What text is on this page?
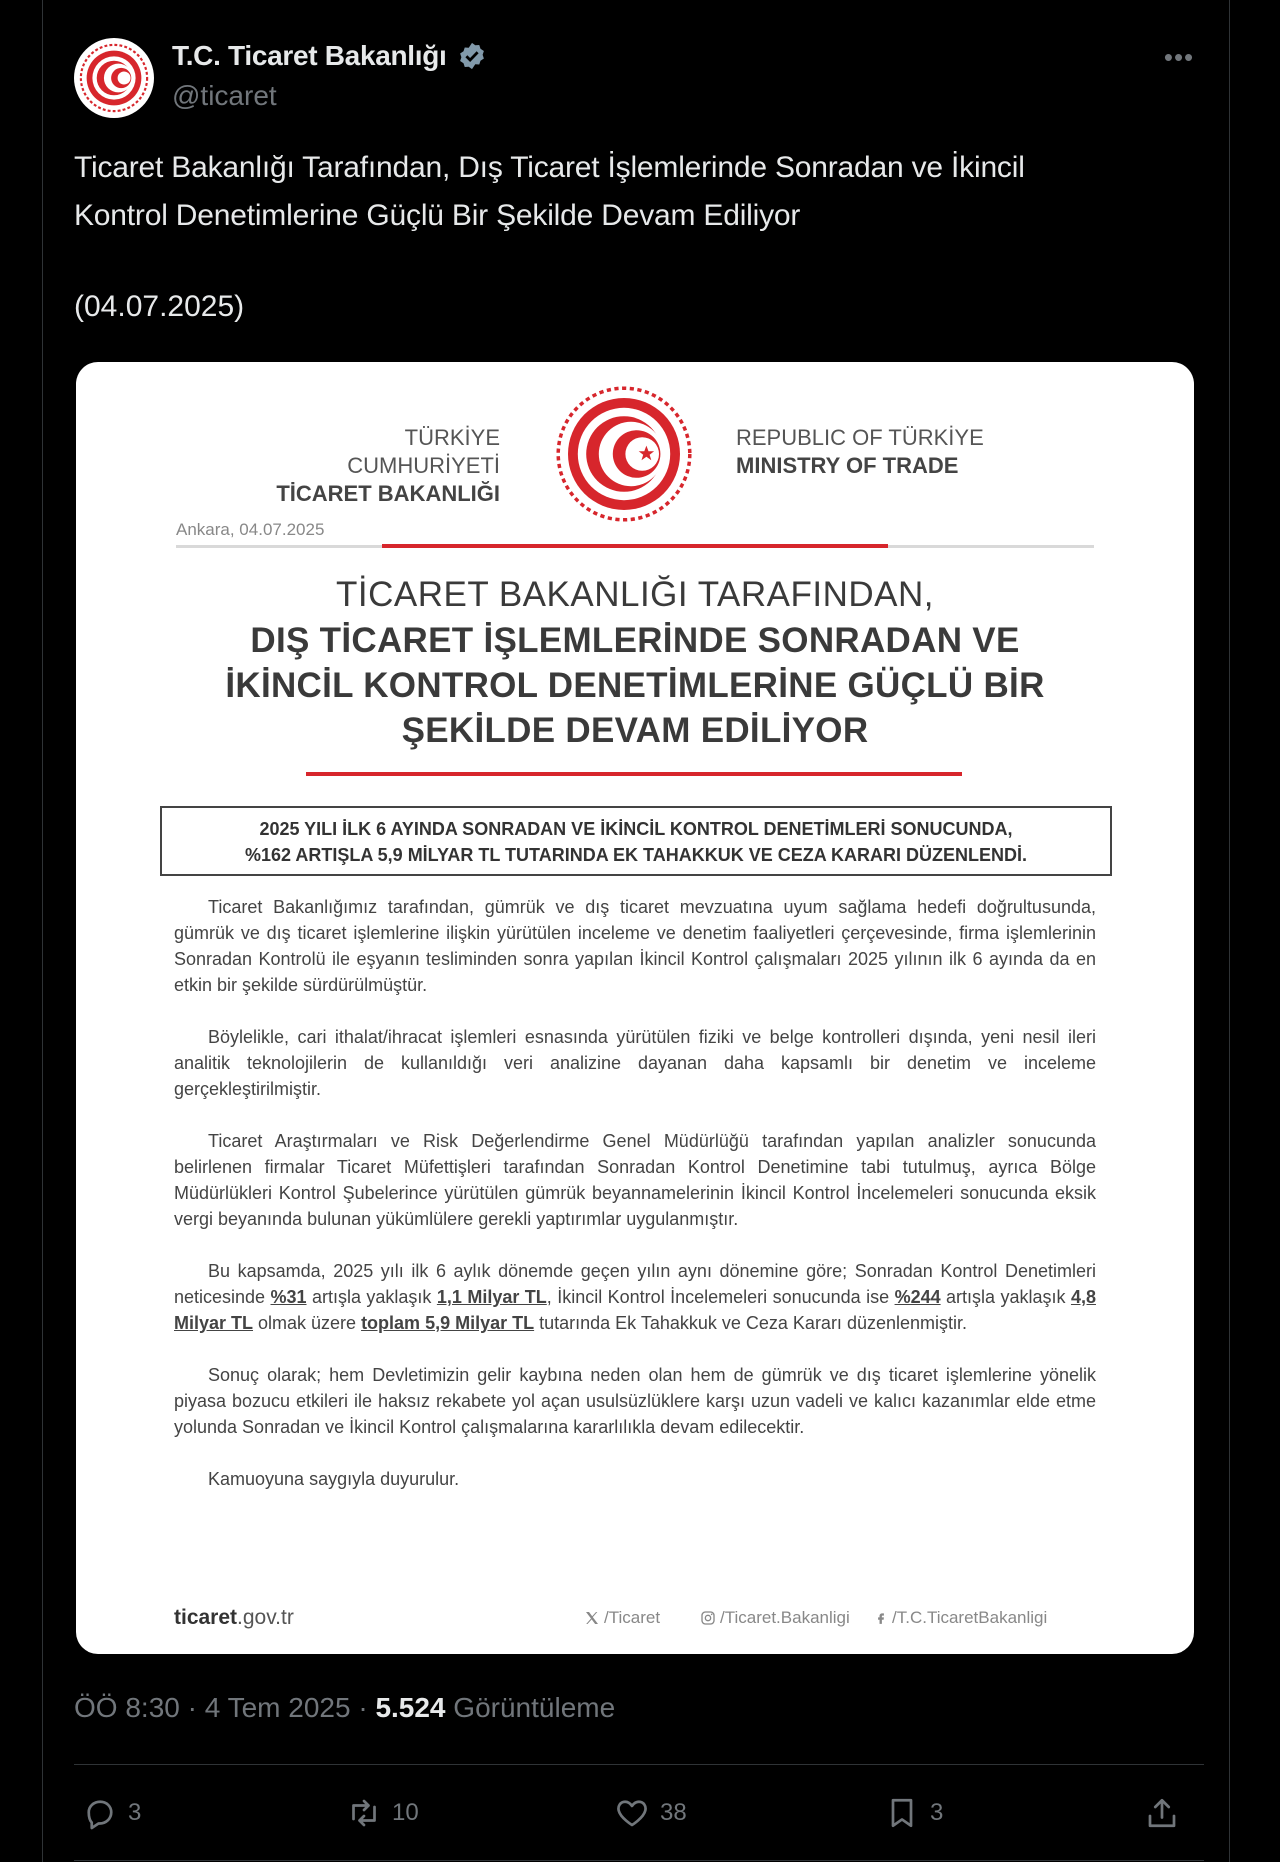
T.C. Ticaret Bakanlığı
@ticaret
•••

Ticaret Bakanlığı Tarafından, Dış Ticaret İşlemlerinde Sonradan ve İkincil

Kontrol Denetimlerine Güçlü Bir Şekilde Devam Ediliyor

(04.07.2025)
TÜRKİYE CUMHURİYETİ
TİCARET BAKANLIĞI
REPUBLIC OF TÜRKİYE
MINISTRY OF TRADE
Ankara, 04.07.2025
TİCARET BAKANLIĞI TARAFINDAN,
DIŞ TİCARET İŞLEMLERİNDE SONRADAN VE
İKİNCİL KONTROL DENETİMLERİNE GÜÇLÜ BİR
ŞEKİLDE DEVAM EDİLİYOR
2025 YILI İLK 6 AYINDA SONRADAN VE İKİNCİL KONTROL DENETİMLERİ SONUCUNDA,
%162 ARTIŞLA 5,9 MİLYAR TL TUTARINDA EK TAHAKKUK VE CEZA KARARI DÜZENLENDİ.

Ticaret Bakanlığımız tarafından, gümrük ve dış ticaret mevzuatına uyum sağlama hedefi doğrultusunda, gümrük ve dış ticaret işlemlerine ilişkin yürütülen inceleme ve denetim faaliyetleri çerçevesinde, firma işlemlerinin Sonradan Kontrolü ile eşyanın tesliminden sonra yapılan İkincil Kontrol çalışmaları 2025 yılının ilk 6 ayında da en etkin bir şekilde sürdürülmüştür.

Böylelikle, cari ithalat/ihracat işlemleri esnasında yürütülen fiziki ve belge kontrolleri dışında, yeni nesil ileri analitik teknolojilerin de kullanıldığı veri analizine dayanan daha kapsamlı bir denetim ve inceleme gerçekleştirilmiştir.

Ticaret Araştırmaları ve Risk Değerlendirme Genel Müdürlüğü tarafından yapılan analizler sonucunda belirlenen firmalar Ticaret Müfettişleri tarafından Sonradan Kontrol Denetimine tabi tutulmuş, ayrıca Bölge Müdürlükleri Kontrol Şubelerince yürütülen gümrük beyannamelerinin İkincil Kontrol İncelemeleri sonucunda eksik vergi beyanında bulunan yükümlülere gerekli yaptırımlar uygulanmıştır.

Bu kapsamda, 2025 yılı ilk 6 aylık dönemde geçen yılın aynı dönemine göre; Sonradan Kontrol Denetimleri neticesinde %31 artışla yaklaşık 1,1 Milyar TL, İkincil Kontrol İncelemeleri sonucunda ise %244 artışla yaklaşık 4,8 Milyar TL olmak üzere toplam 5,9 Milyar TL tutarında Ek Tahakkuk ve Ceza Kararı düzenlenmiştir.

Sonuç olarak; hem Devletimizin gelir kaybına neden olan hem de gümrük ve dış ticaret işlemlerine yönelik piyasa bozucu etkileri ile haksız rekabete yol açan usulsüzlüklere karşı uzun vadeli ve kalıcı kazanımlar elde etme yolunda Sonradan ve İkincil Kontrol çalışmalarına kararlılıkla devam edilecektir.

Kamuoyuna saygıyla duyurulur.

ticaret.gov.tr	/Ticaret	/Ticaret.Bakanligi /T.C.TicaretBakanligi
ÖÖ 8:30 · 4 Tem 2025 · 5.524 Görüntüleme
3	10	38	3
